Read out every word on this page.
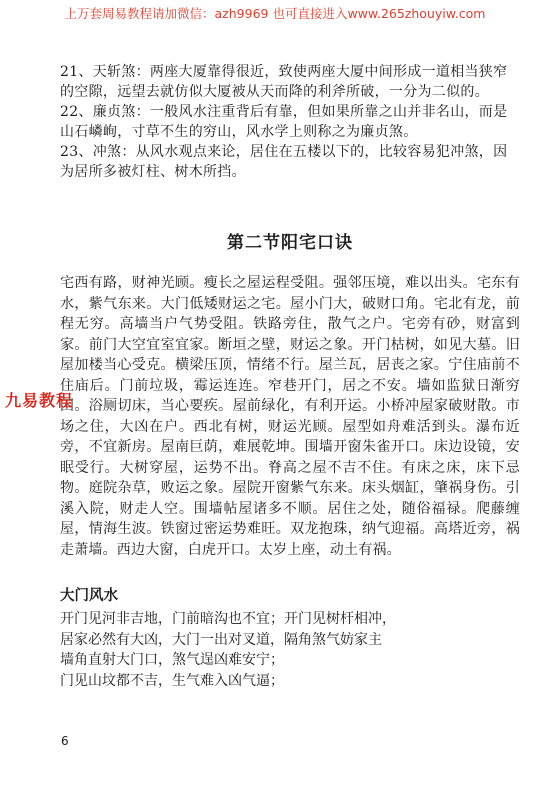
上万套周易教程请加微信：azh9969 也可直接进入www.265zhouyiw.com

21、天斩煞：两座大厦靠得很近，致使两座大厦中间形成一道相当狭窄的空隙，远望去就仿似大厦被从天而降的利斧所破，一分为二似的。

22、廉贞煞：一般风水注重背后有靠，但如果所靠之山并非名山，而是山石嶙峋，寸草不生的穷山，风水学上则称之为廉贞煞。

23、冲煞：从风水观点来论，居住在五楼以下的，比较容易犯冲煞，因为居所多被灯柱、树木所挡。

第二节阳宅口诀

宅西有路，财神光顾。瘦长之屋运程受阻。强邻压境，难以出头。宅东有水，紫气东来。大门低矮财运之宅。屋小门大，破财口角。宅北有龙，前程无穷。高墙当户气势受阻。铁路旁住，散气之户。宅旁有砂，财富到家。前门大空宜室宜家。断垣之壁，财运之象。开门枯树，如见大墓。旧屋加楼当心受克。横梁压顶，情绪不行。屋兰瓦，居丧之家。宁住庙前不住庙后。门前垃圾，霉运连连。窄巷开门，居之不安。墙如监狱日渐穷困。浴厕切床，当心要疾。屋前绿化，有利开运。小桥冲屋家破财散。市场之住，大凶在户。西北有树，财运光顾。屋型如舟难活到头。瀑布近旁，不宜新房。屋南巨荫，难展乾坤。围墙开窗朱雀开口。床边设镜，安眠受行。大树穿屋，运势不出。脊高之屋不吉不住。有床之床，床下忌物。庭院杂草，败运之象。屋院开窗紫气东来。床头烟缸，肇祸身伤。引溪入院，财走人空。围墙帖屋诸多不顺。居住之处，随俗福禄。爬藤缠屋，情海生波。铁窗过密运势难旺。双龙抱珠，纳气迎福。高塔近旁，祸走萧墙。西边大窗，白虎开口。太岁上座，动土有祸。

大门风水

开门见河非吉地，门前暗沟也不宜；开门见树杆相冲，

居家必然有大凶，大门一出对叉道，隔角煞气妨家主

墙角直射大门口，煞气逞凶难安宁；

门见山坟都不吉，生气难入凶气逼；

九易教程
6
